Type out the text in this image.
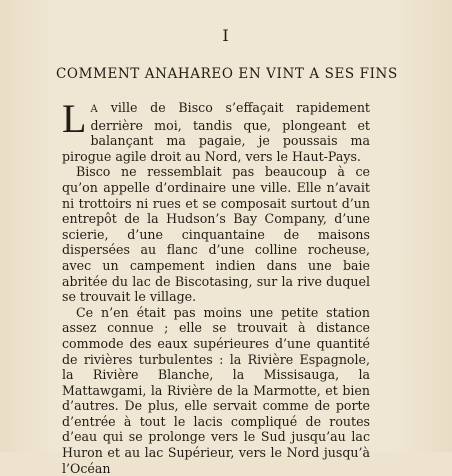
I
COMMENT ANAHAREO EN VINT A SES FINS

L A ville de Bisco s’effaçait rapidement derrière moi, tandis que, plongeant et balançant ma pagaie, je poussais ma pirogue agile droit au Nord, vers le Haut-Pays.

Bisco ne ressemblait pas beaucoup à ce qu’on appelle d’ordinaire une ville. Elle n’avait ni trottoirs ni rues et se composait surtout d’un entrepôt de la Hudson’s Bay Company, d’une scierie, d’une cinquantaine de maisons dispersées au flanc d’une colline rocheuse, avec un campement indien dans une baie abritée du lac de Biscotasing, sur la rive duquel se trouvait le village.

Ce n’en était pas moins une petite station assez connue ; elle se trouvait à distance commode des eaux supérieures d’une quantité de rivières turbulentes : la Rivière Espagnole, la Rivière Blanche, la Missisauga, la Mattawgami, la Rivière de la Marmotte, et bien d’autres. De plus, elle servait comme de porte d’entrée à tout le lacis compliqué de routes d’eau qui se prolonge vers le Sud jusqu’au lac Huron et au lac Supérieur, vers le Nord jusqu’à l’Océan
